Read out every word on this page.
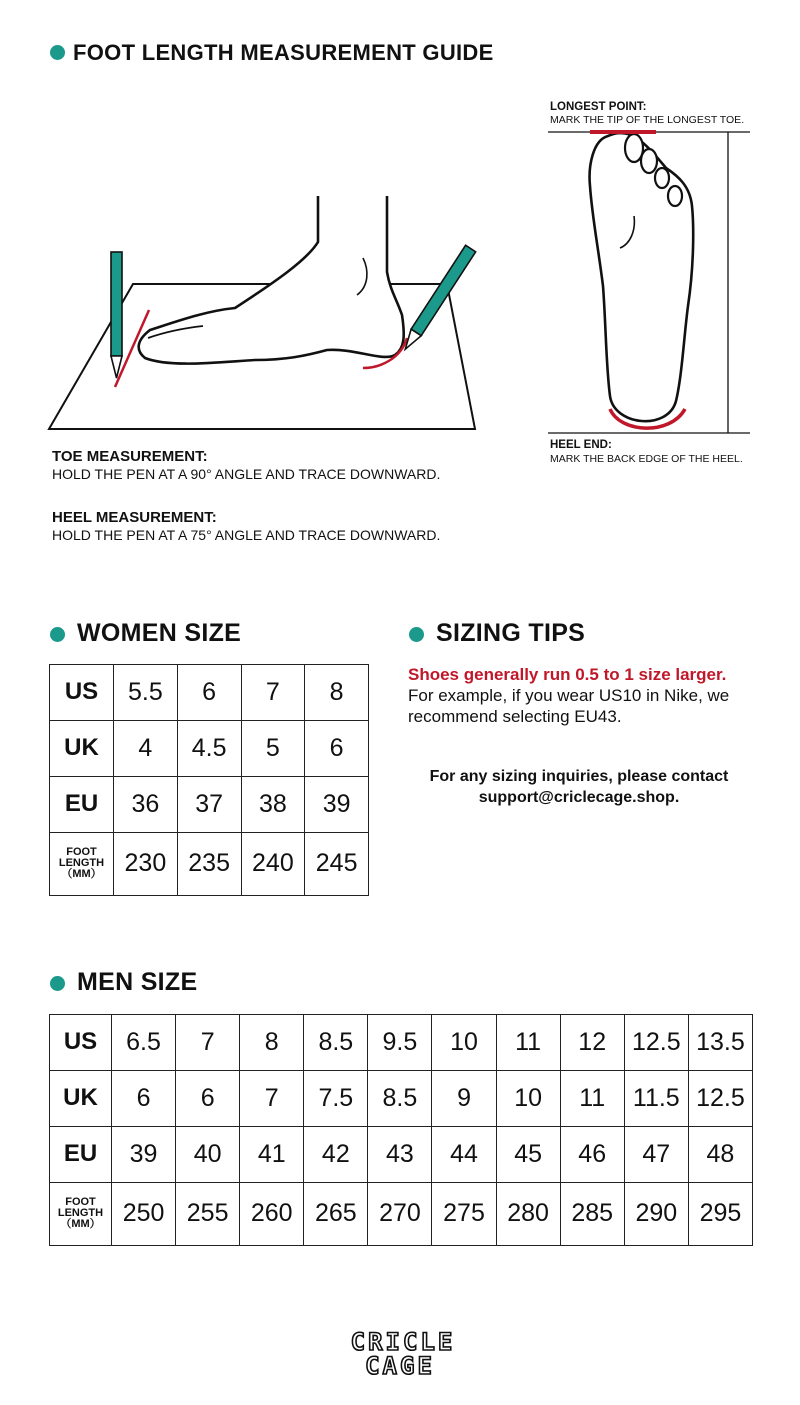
FOOT LENGTH MEASUREMENT GUIDE
LONGEST POINT:
MARK THE TIP OF THE LONGEST TOE.
HEEL END:
MARK THE BACK EDGE OF THE HEEL.
TOE MEASUREMENT:
HOLD THE PEN AT A 90° ANGLE AND TRACE DOWNWARD.
HEEL MEASUREMENT:
HOLD THE PEN AT A 75° ANGLE AND TRACE DOWNWARD.
WOMEN SIZE
US	5.5	6	7	8
UK	4	4.5	5	6
EU	36	37	38	39

FOOT
LENGTH
（MM）	230	235	240	245
SIZING TIPS
Shoes generally run 0.5 to 1 size larger.
For example, if you wear US10 in Nike, we
recommend selecting EU43.
For any sizing inquiries, please contact
support@criclecage.shop.
MEN SIZE
US	6.5	7	8	8.5	9.5	10	11	12	12.5	13.5
UK	6	6	7	7.5	8.5	9	10	11	11.5	12.5
EU	39	40	41	42	43	44	45	46	47	48

FOOT
LENGTH
（MM）	250	255	260	265	270	275	280	285	290	295
CRICLE
CAGE
